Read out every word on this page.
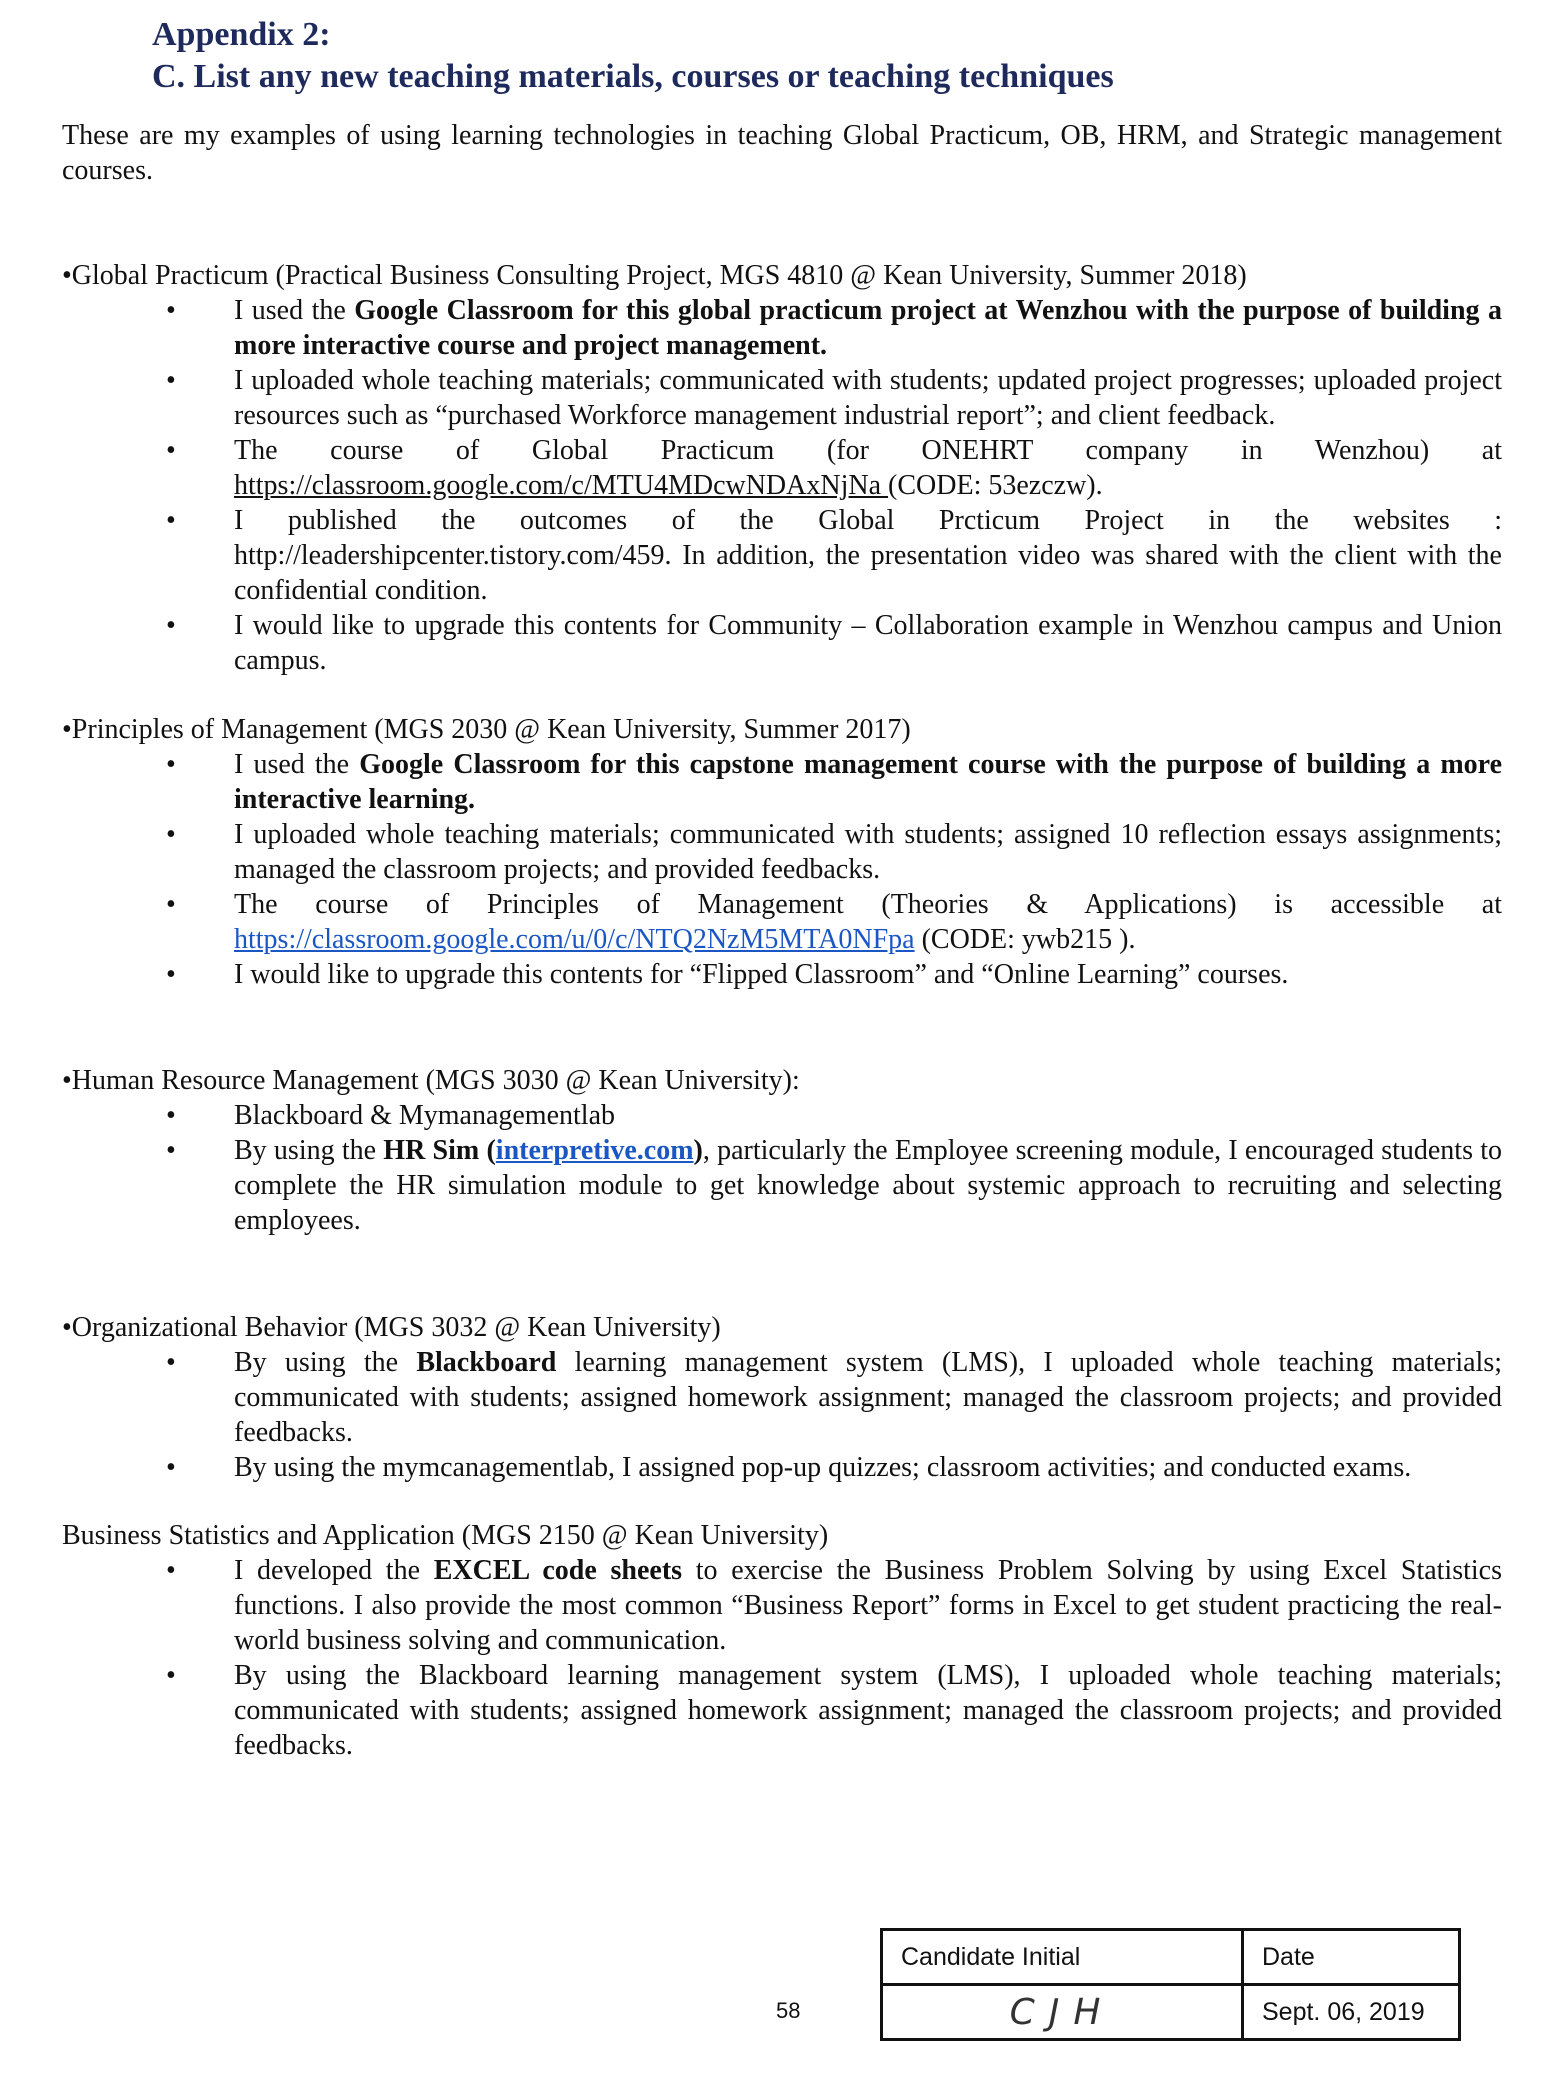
Appendix 2:
C. List any new teaching materials, courses or teaching techniques

These are my examples of using learning technologies in teaching Global Practicum, OB, HRM, and Strategic management courses.

•Global Practicum (Practical Business Consulting Project, MGS 4810 @ Kean University, Summer 2018)

• I used the Google Classroom for this global practicum project at Wenzhou with the purpose of building a more interactive course and project management.
• I uploaded whole teaching materials; communicated with students; updated project progresses; uploaded project resources such as “purchased Workforce management industrial report”; and client feedback.
• The course of Global Practicum (for ONEHRT company in Wenzhou) at
https://classroom.google.com/c/MTU4MDcwNDAxNjNa (CODE: 53ezczw).
• I published the outcomes of the Global Prcticum Project in the websites :
http://leadershipcenter.tistory.com/459. In addition, the presentation video was shared with the client with the confidential condition.
• I would like to upgrade this contents for Community – Collaboration example in Wenzhou campus and Union campus.

•Principles of Management (MGS 2030 @ Kean University, Summer 2017)

• I used the Google Classroom for this capstone management course with the purpose of building a more interactive learning.
• I uploaded whole teaching materials; communicated with students; assigned 10 reflection essays assignments; managed the classroom projects; and provided feedbacks.
• The course of Principles of Management (Theories & Applications) is accessible at
https://classroom.google.com/u/0/c/NTQ2NzM5MTA0NFpa (CODE: ywb215 ).
• I would like to upgrade this contents for “Flipped Classroom” and “Online Learning” courses.

•Human Resource Management (MGS 3030 @ Kean University):

• Blackboard & Mymanagementlab
• By using the HR Sim (interpretive.com), particularly the Employee screening module, I encouraged students to complete the HR simulation module to get knowledge about systemic approach to recruiting and selecting employees.

•Organizational Behavior (MGS 3032 @ Kean University)

• By using the Blackboard learning management system (LMS), I uploaded whole teaching materials; communicated with students; assigned homework assignment; managed the classroom projects; and provided feedbacks.
• By using the mymcanagementlab, I assigned pop-up quizzes; classroom activities; and conducted exams.

Business Statistics and Application (MGS 2150 @ Kean University)

• I developed the EXCEL code sheets to exercise the Business Problem Solving by using Excel Statistics functions. I also provide the most common “Business Report” forms in Excel to get student practicing the real-world business solving and communication.
• By using the Blackboard learning management system (LMS), I uploaded whole teaching materials; communicated with students; assigned homework assignment; managed the classroom projects; and provided feedbacks.
58
Candidate Initial	Date

CJH	Sept. 06, 2019
